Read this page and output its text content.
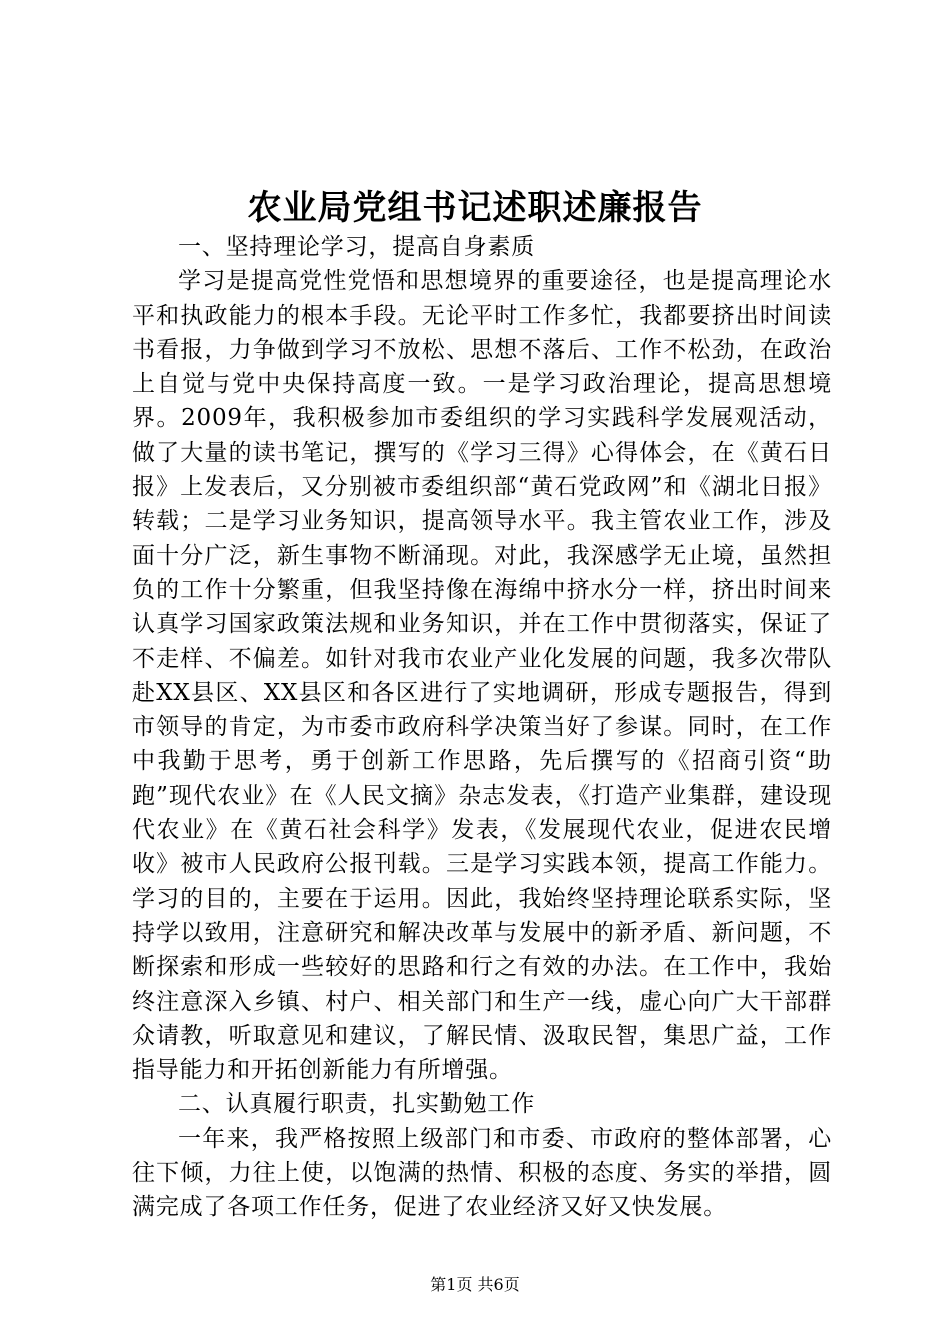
农业局党组书记述职述廉报告

一、坚持理论学习，提高自身素质

学习是提高党性党悟和思想境界的重要途径，也是提高理论水平和执政能力的根本手段。无论平时工作多忙，我都要挤出时间读书看报，力争做到学习不放松、思想不落后、工作不松劲，在政治上自觉与党中央保持高度一致。一是学习政治理论，提高思想境界。2009年，我积极参加市委组织的学习实践科学发展观活动，做了大量的读书笔记，撰写的《学习三得》心得体会，在《黄石日报》上发表后，又分别被市委组织部“黄石党政网”和《湖北日报》转载；二是学习业务知识，提高领导水平。我主管农业工作，涉及面十分广泛，新生事物不断涌现。对此，我深感学无止境，虽然担负的工作十分繁重，但我坚持像在海绵中挤水分一样，挤出时间来认真学习国家政策法规和业务知识，并在工作中贯彻落实，保证了不走样、不偏差。如针对我市农业产业化发展的问题，我多次带队赴XX县区、XX县区和各区进行了实地调研，形成专题报告，得到市领导的肯定，为市委市政府科学决策当好了参谋。同时，在工作中我勤于思考，勇于创新工作思路，先后撰写的《招商引资“助跑”现代农业》在《人民文摘》杂志发表，《打造产业集群，建设现代农业》在《黄石社会科学》发表，《发展现代农业，促进农民增收》被市人民政府公报刊载。三是学习实践本领，提高工作能力。学习的目的，主要在于运用。因此，我始终坚持理论联系实际，坚持学以致用，注意研究和解决改革与发展中的新矛盾、新问题，不断探索和形成一些较好的思路和行之有效的办法。在工作中，我始终注意深入乡镇、村户、相关部门和生产一线，虚心向广大干部群众请教，听取意见和建议，了解民情、汲取民智，集思广益，工作指导能力和开拓创新能力有所增强。

二、认真履行职责，扎实勤勉工作

一年来，我严格按照上级部门和市委、市政府的整体部署，心往下倾，力往上使，以饱满的热情、积极的态度、务实的举措，圆满完成了各项工作任务，促进了农业经济又好又快发展。

第1页 共6页
